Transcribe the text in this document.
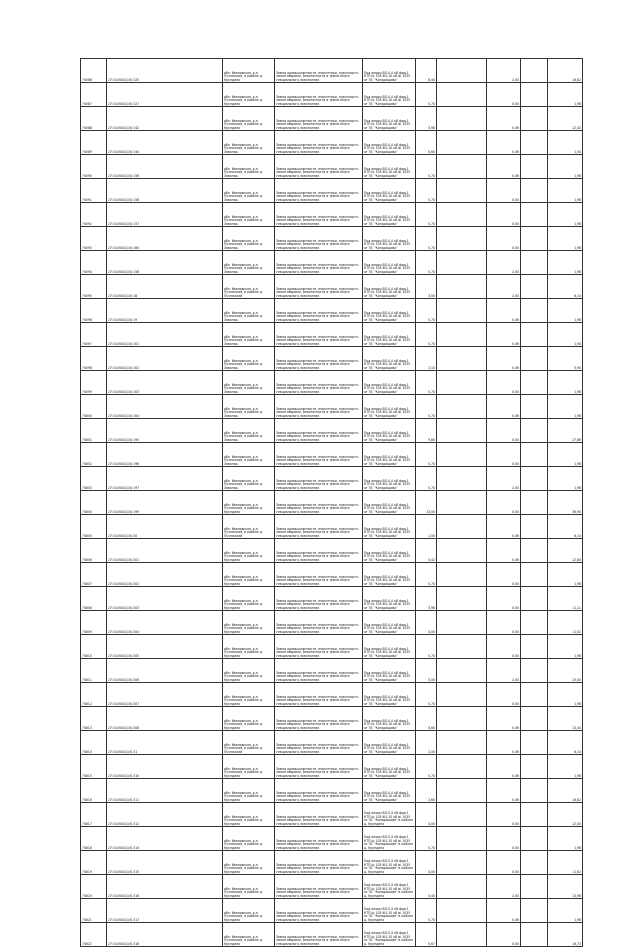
74586	27:14:0402(10):125	обл. Ивановская, р-н Пучежский, в районе д. Крупдино	Земли промышленности, энергетики, транспорта, земли обороны, безопасности и земли иного специального назначения	Под опоры ВЛ-0,4 кВ фид.1 КТП № 103 Ф3-10 кВ № 1035 от ПС "Кондрашово"	8,44		2,00		16,82
74587	27:14:0402(10):127	обл. Ивановская, р-н Пучежский, в районе д. Крупдино	Земли промышленности, энергетики, транспорта, земли обороны, безопасности и земли иного специального назначения	Под опоры ВЛ-0,4 кВ фид.1 КТП № 103 Ф3-10 кВ № 1035 от ПС "Кондрашово"	0,70		0,00		1,96
74588	27:14:0402(10):142	обл. Ивановская, р-н Пучежский, в районе д. Крупдино	Земли промышленности, энергетики, транспорта, земли обороны, безопасности и земли иного специального назначения	Под опоры ВЛ-0,4 кВ фид.1 КТП № 103 Ф3-10 кВ № 1035 от ПС "Кондрашово"	4,98		0,46		12,42
74589	27:14:0402(10):144	обл. Ивановская, р-н Пучежский, в районе д. Заволжь	Земли промышленности, энергетики, транспорта, земли обороны, безопасности и земли иного специального назначения	Под опоры ВЛ-0,4 кВ фид.1 КТП № 103 Ф3-10 кВ № 1035 от ПС "Кондрашово"	0,60		0,46		1,54
74590	27:14:0402(10):156	обл. Ивановская, р-н Пучежский, в районе д. Заволжь	Земли промышленности, энергетики, транспорта, земли обороны, безопасности и земли иного специального назначения	Под опоры ВЛ-0,4 кВ фид.1 КТП № 103 Ф3-10 кВ № 1035 от ПС "Кондрашово"	0,70		0,46		1,96
74591	27:14:0402(10):158	обл. Ивановская, р-н Пучежский, в районе д. Заволжь	Земли промышленности, энергетики, транспорта, земли обороны, безопасности и земли иного специального назначения	Под опоры ВЛ-0,4 кВ фид.1 КТП № 103 Ф3-10 кВ № 1035 от ПС "Кондрашово"	0,70		0,00		1,96
74592	27:14:0402(10):157	обл. Ивановская, р-н Пучежский, в районе д. Заволжь	Земли промышленности, энергетики, транспорта, земли обороны, безопасности и земли иного специального назначения	Под опоры ВЛ-0,4 кВ фид.1 КТП № 103 Ф3-10 кВ № 1035 от ПС "Кондрашово"	0,70		0,00		1,96
74593	27:14:0402(10):160	обл. Ивановская, р-н Пучежский, в районе д. Заволжь	Земли промышленности, энергетики, транспорта, земли обороны, безопасности и земли иного специального назначения	Под опоры ВЛ-0,4 кВ фид.1 КТП № 103 Ф3-10 кВ № 1035 от ПС "Кондрашово"	0,70		0,00		1,96
74594	27:14:0402(10):158	обл. Ивановская, р-н Пучежский, в районе д. Заволжь	Земли промышленности, энергетики, транспорта, земли обороны, безопасности и земли иного специального назначения	Под опоры ВЛ-0,4 кВ фид.1 КТП № 103 Ф3-10 кВ № 1035 от ПС "Кондрашово"	0,70		2,00		1,96
74595	27:14:0402(10):18	обл. Ивановская, р-н Пучежский, в районе д. Пучежский	Земли промышленности, энергетики, транспорта, земли обороны, безопасности и земли иного специального назначения	Под опоры ВЛ-0,4 кВ фид.1 КТП № 103 Ф3-10 кВ № 1035 от ПС "Кондрашово"	3,00		2,00		6,14
74596	27:14:0402(10):19	обл. Ивановская, р-н Пучежский, в районе д. Заволжь	Земли промышленности, энергетики, транспорта, земли обороны, безопасности и земли иного специального назначения	Под опоры ВЛ-0,4 кВ фид.1 КТП № 103 Ф3-10 кВ № 1035 от ПС "Кондрашово"	0,70		0,46		1,96
74597	27:14:0402(10):101	обл. Ивановская, р-н Пучежский, в районе д. Заволжь	Земли промышленности, энергетики, транспорта, земли обороны, безопасности и земли иного специального назначения	Под опоры ВЛ-0,4 кВ фид.1 КТП № 103 Ф3-10 кВ № 1035 от ПС "Кондрашово"	0,70		0,46		1,94
74598	27:14:0402(10):102	обл. Ивановская, р-н Пучежский, в районе д. Заволжь	Земли промышленности, энергетики, транспорта, земли обороны, безопасности и земли иного специального назначения	Под опоры ВЛ-0,4 кВ фид.1 КТП № 103 Ф3-10 кВ № 1035 от ПС "Кондрашово"	2,10		0,46		5,90
74599	27:14:0402(10):103	обл. Ивановская, р-н Пучежский, в районе д. Заволжь	Земли промышленности, энергетики, транспорта, земли обороны, безопасности и земли иного специального назначения	Под опоры ВЛ-0,4 кВ фид.1 КТП № 103 Ф3-10 кВ № 1035 от ПС "Кондрашово"	0,70		0,00		1,96
74600	27:14:0402(10):104	обл. Ивановская, р-н Пучежский, в районе д. Заволжь	Земли промышленности, энергетики, транспорта, земли обороны, безопасности и земли иного специального назначения	Под опоры ВЛ-0,4 кВ фид.1 КТП № 103 Ф3-10 кВ № 1035 от ПС "Кондрашово"	0,70		0,46		1,96
74601	27:14:0402(10):195	обл. Ивановская, р-н Пучежский, в районе д. Заволжь	Земли промышленности, энергетики, транспорта, земли обороны, безопасности и земли иного специального назначения	Под опоры ВЛ-0,4 кВ фид.1 КТП № 103 Ф3-10 кВ № 1035 от ПС "Кондрашово"	9,80		0,00		27,86
74602	27:14:0402(10):196	обл. Ивановская, р-н Пучежский, в районе д. Заволжь	Земли промышленности, энергетики, транспорта, земли обороны, безопасности и земли иного специального назначения	Под опоры ВЛ-0,4 кВ фид.1 КТП № 103 Ф3-10 кВ № 1035 от ПС "Кондрашово"	0,70		0,00		1,96
74603	27:14:0402(10):197	обл. Ивановская, р-н Пучежский, в районе д. Заволжь	Земли промышленности, энергетики, транспорта, земли обороны, безопасности и земли иного специального назначения	Под опоры ВЛ-0,4 кВ фид.1 КТП № 103 Ф3-10 кВ № 1035 от ПС "Кондрашово"	0,70		2,00		1,96
74604	27:14:0402(10):199	обл. Ивановская, р-н Пучежский, в районе д. Крупдино	Земли промышленности, энергетики, транспорта, земли обороны, безопасности и земли иного специального назначения	Под опоры ВЛ-0,4 кВ фид.1 КТП № 103 Ф3-10 кВ № 1035 от ПС "Кондрашово"	13,00		0,00		36,90
74605	27:14:0402(10):30	обл. Ивановская, р-н Пучежский, в районе д. Пучежский	Земли промышленности, энергетики, транспорта, земли обороны, безопасности и земли иного специального назначения	Под опоры ВЛ-0,4 кВ фид.1 КТП № 103 Ф3-10 кВ № 1035 от ПС "Кондрашово"	1,00		0,46		6,14
74606	27:14:0402(10):301	обл. Ивановская, р-н Пучежский, в районе д. Крупдино	Земли промышленности, энергетики, транспорта, земли обороны, безопасности и земли иного специального назначения	Под опоры ВЛ-0,4 кВ фид.1 КТП № 103 Ф3-10 кВ № 1035 от ПС "Кондрашово"	4,42		0,46		12,84
74607	27:14:0402(10):302	обл. Ивановская, р-н Пучежский, в районе д. Крупдино	Земли промышленности, энергетики, транспорта, земли обороны, безопасности и земли иного специального назначения	Под опоры ВЛ-0,4 кВ фид.1 КТП № 103 Ф3-10 кВ № 1035 от ПС "Кондрашово"	0,70		0,00		1,96
74608	27:14:0402(10):303	обл. Ивановская, р-н Пучежский, в районе д. Крупдино	Земли промышленности, энергетики, транспорта, земли обороны, безопасности и земли иного специального назначения	Под опоры ВЛ-0,4 кВ фид.1 КТП № 103 Ф3-10 кВ № 1035 от ПС "Кондрашово"	3,96		0,00		11,11
74609	27:14:0402(10):304	обл. Ивановская, р-н Пучежский, в районе д. Крупдино	Земли промышленности, энергетики, транспорта, земли обороны, безопасности и земли иного специального назначения	Под опоры ВЛ-0,4 кВ фид.1 КТП № 103 Ф3-10 кВ № 1035 от ПС "Кондрашово"	4,00		0,00		11,52
74610	27:14:0402(10):305	обл. Ивановская, р-н Пучежский, в районе д. Крупдино	Земли промышленности, энергетики, транспорта, земли обороны, безопасности и земли иного специального назначения	Под опоры ВЛ-0,4 кВ фид.1 КТП № 103 Ф3-10 кВ № 1035 от ПС "Кондрашово"	0,70		0,00		1,96
74611	27:14:0402(10):306	обл. Ивановская, р-н Пучежский, в районе д. Крупдино	Земли промышленности, энергетики, транспорта, земли обороны, безопасности и земли иного специального назначения	Под опоры ВЛ-0,4 кВ фид.1 КТП № 103 Ф3-10 кВ № 1035 от ПС "Кондрашово"	5,00		2,00		15,00
74612	27:14:0402(10):307	обл. Ивановская, р-н Пучежский, в районе д. Крупдино	Земли промышленности, энергетики, транспорта, земли обороны, безопасности и земли иного специального назначения	Под опоры ВЛ-0,4 кВ фид.1 КТП № 103 Ф3-10 кВ № 1035 от ПС "Кондрашово"	0,70		0,00		1,96
74613	27:14:0402(10):308	обл. Ивановская, р-н Пучежский, в районе д. Крупдино	Земли промышленности, энергетики, транспорта, земли обороны, безопасности и земли иного специального назначения	Под опоры ВЛ-0,4 кВ фид.1 КТП № 103 Ф3-10 кВ № 1035 от ПС "Кондрашово"	4,60		0,46		13,34
74614	27:14:0402(10):31	обл. Ивановская, р-н Пучежский, в районе д. Пучежский	Земли промышленности, энергетики, транспорта, земли обороны, безопасности и земли иного специального назначения	Под опоры ВЛ-0,4 кВ фид.1 КТП № 103 Ф3-10 кВ № 1035 от ПС "Кондрашово"	2,00		0,46		6,14
74615	27:14:0402(10):310	обл. Ивановская, р-н Пучежский, в районе д. Крупдино	Земли промышленности, энергетики, транспорта, земли обороны, безопасности и земли иного специального назначения	Под опоры ВЛ-0,4 кВ фид.1 КТП № 103 Ф3-10 кВ № 1035 от ПС "Кондрашово"	0,70		0,46		1,96
74616	27:14:0402(10):311	обл. Ивановская, р-н Пучежский, в районе д. Крупдино	Земли промышленности, энергетики, транспорта, земли обороны, безопасности и земли иного специального назначения	Под опоры ВЛ-0,4 кВ фид.1 КТП № 103 Ф3-10 кВ № 1035 от ПС "Кондрашово"	2,60		0,46		16,82
74617	27:14:0402(10):312	обл. Ивановская, р-н Пучежский, в районе д. Крупдино	Земли промышленности, энергетики, транспорта, земли обороны, безопасности и земли иного специального назначения	Под опоры ВЛ-0,4 кВ фид.1 КТП № 103 Ф3-10 кВ № 1035 от ПС "Кондрашово" в районе д. Крупдино	4,00		0,00		12,00
74618	27:14:0402(10):314	обл. Ивановская, р-н Пучежский, в районе д. Крупдино	Земли промышленности, энергетики, транспорта, земли обороны, безопасности и земли иного специального назначения	Под опоры ВЛ-0,4 кВ фид.1 КТП № 103 Ф3-10 кВ № 1035 от ПС "Кондрашово" в районе д. Крупдино	0,70		0,00		1,96
74619	27:14:0402(10):315	обл. Ивановская, р-н Пучежский, в районе д. Крупдино	Земли промышленности, энергетики, транспорта, земли обороны, безопасности и земли иного специального назначения	Под опоры ВЛ-0,4 кВ фид.1 КТП № 103 Ф3-10 кВ № 1035 от ПС "Кондрашово" в районе д. Крупдино	4,00		0,00		11,62
74620	27:14:0402(10):316	обл. Ивановская, р-н Пучежский, в районе д. Крупдино	Земли промышленности, энергетики, транспорта, земли обороны, безопасности и земли иного специального назначения	Под опоры ВЛ-0,4 кВ фид.1 КТП № 103 Ф3-10 кВ № 1035 от ПС "Кондрашово" в районе д. Крупдино	4,40		2,00		13,96
74621	27:14:0402(10):317	обл. Ивановская, р-н Пучежский, в районе д. Крупдино	Земли промышленности, энергетики, транспорта, земли обороны, безопасности и земли иного специального назначения	Под опоры ВЛ-0,4 кВ фид.1 КТП № 103 Ф3-10 кВ № 1035 от ПС "Кондрашово" в районе д. Крупдино	0,70		0,46		1,96
74622	27:14:0402(10):318	обл. Ивановская, р-н Пучежский, в районе д. Крупдино	Земли промышленности, энергетики, транспорта, земли обороны, безопасности и земли иного специального назначения	Под опоры ВЛ-0,4 кВ фид.1 КТП № 103 Ф3-10 кВ № 1035 от ПС "Кондрашово" в районе д. Крупдино	5,67		0,00		16,73
